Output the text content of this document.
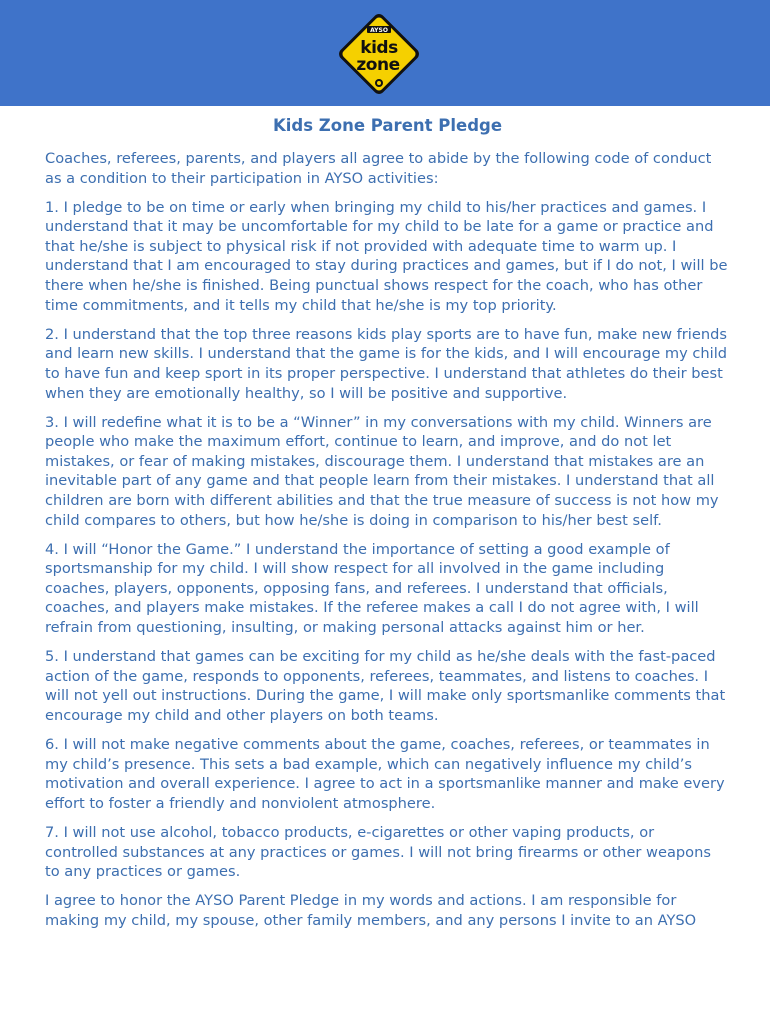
AYSO
kids
zone
Kids Zone Parent Pledge

Coaches, referees, parents, and players all agree to abide by the following code of conduct as a condition to their participation in AYSO activities:

1. I pledge to be on time or early when bringing my child to his/her practices and games. I understand that it may be uncomfortable for my child to be late for a game or practice and that he/she is subject to physical risk if not provided with adequate time to warm up. I understand that I am encouraged to stay during practices and games, but if I do not, I will be there when he/she is finished. Being punctual shows respect for the coach, who has other time commitments, and it tells my child that he/she is my top priority.

2. I understand that the top three reasons kids play sports are to have fun, make new friends and learn new skills. I understand that the game is for the kids, and I will encourage my child to have fun and keep sport in its proper perspective. I understand that athletes do their best when they are emotionally healthy, so I will be positive and supportive.

3. I will redefine what it is to be a “Winner” in my conversations with my child. Winners are people who make the maximum effort, continue to learn, and improve, and do not let mistakes, or fear of making mistakes, discourage them. I understand that mistakes are an inevitable part of any game and that people learn from their mistakes. I understand that all children are born with different abilities and that the true measure of success is not how my child compares to others, but how he/she is doing in comparison to his/her best self.

4. I will “Honor the Game.” I understand the importance of setting a good example of sportsmanship for my child. I will show respect for all involved in the game including coaches, players, opponents, opposing fans, and referees. I understand that officials, coaches, and players make mistakes. If the referee makes a call I do not agree with, I will refrain from questioning, insulting, or making personal attacks against him or her.

5. I understand that games can be exciting for my child as he/she deals with the fast-paced action of the game, responds to opponents, referees, teammates, and listens to coaches. I will not yell out instructions. During the game, I will make only sportsmanlike comments that encourage my child and other players on both teams.

6. I will not make negative comments about the game, coaches, referees, or teammates in my child’s presence. This sets a bad example, which can negatively influence my child’s motivation and overall experience. I agree to act in a sportsmanlike manner and make every effort to foster a friendly and nonviolent atmosphere.

7. I will not use alcohol, tobacco products, e-cigarettes or other vaping products, or controlled substances at any practices or games. I will not bring firearms or other weapons to any practices or games.

I agree to honor the AYSO Parent Pledge in my words and actions. I am responsible for making my child, my spouse, other family members, and any persons I invite to an AYSO
